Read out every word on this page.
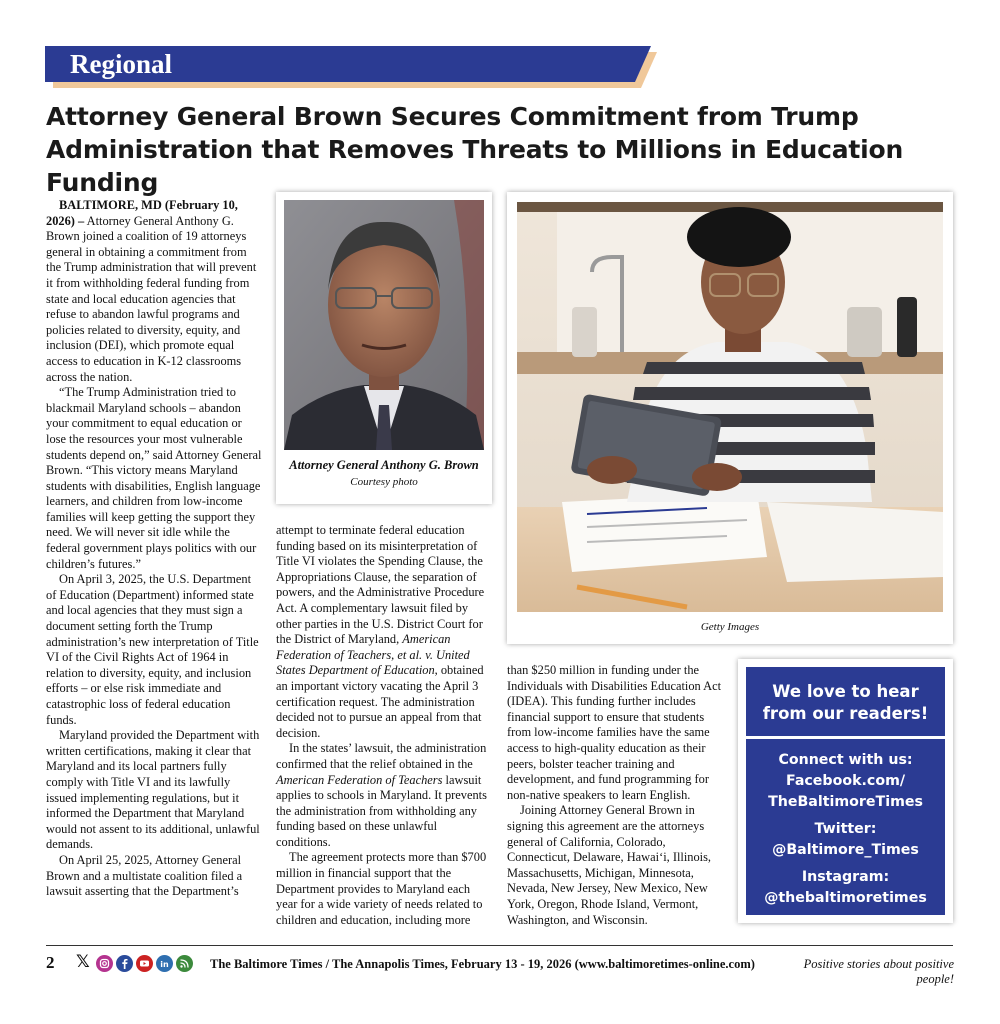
Regional
Attorney General Brown Secures Commitment from Trump Administration that Removes Threats to Millions in Education Funding

BALTIMORE, MD (February 10, 2026) – Attorney General Anthony G. Brown joined a coalition of 19 attorneys general in obtaining a commitment from the Trump administration that will prevent it from withholding federal funding from state and local education agencies that refuse to abandon lawful programs and policies related to diversity, equity, and inclusion (DEI), which promote equal access to education in K-12 classrooms across the nation.

“The Trump Administration tried to blackmail Maryland schools – abandon your commitment to equal education or lose the resources your most vulnerable students depend on,” said Attorney General Brown. “This victory means Maryland students with disabilities, English language learners, and children from low-income families will keep getting the support they need. We will never sit idle while the federal government plays politics with our children’s futures.”

On April 3, 2025, the U.S. Department of Education (Department) informed state and local agencies that they must sign a document setting forth the Trump administration’s new interpretation of Title VI of the Civil Rights Act of 1964 in relation to diversity, equity, and inclusion efforts – or else risk immediate and catastrophic loss of federal education funds.

Maryland provided the Department with written certifications, making it clear that Maryland and its local partners fully comply with Title VI and its lawfully issued implementing regulations, but it informed the Department that Maryland would not assent to its additional, unlawful demands.

On April 25, 2025, Attorney General Brown and a multistate coalition filed a lawsuit asserting that the Department’s

Attorney General Anthony G. Brown
Courtesy photo

attempt to terminate federal education funding based on its misinterpretation of Title VI violates the Spending Clause, the Appropriations Clause, the separation of powers, and the Administrative Procedure Act. A complementary lawsuit filed by other parties in the U.S. District Court for the District of Maryland, American Federation of Teachers, et al. v. United States Department of Education, obtained an important victory vacating the April 3 certification request. The administration decided not to pursue an appeal from that decision.

In the states’ lawsuit, the administration confirmed that the relief obtained in the American Federation of Teachers lawsuit applies to schools in Maryland. It prevents the administration from withholding any funding based on these unlawful conditions.

The agreement protects more than $700 million in financial support that the Department provides to Maryland each year for a wide variety of needs related to children and education, including more

Getty Images

than $250 million in funding under the Individuals with Disabilities Education Act (IDEA). This funding further includes financial support to ensure that students from low-income families have the same access to high-quality education as their peers, bolster teacher training and development, and fund programming for non-native speakers to learn English.

Joining Attorney General Brown in signing this agreement are the attorneys general of California, Colorado, Connecticut, Delaware, Hawai‘i, Illinois, Massachusetts, Michigan, Minnesota, Nevada, New Jersey, New Mexico, New York, Oregon, Rhode Island, Vermont, Washington, and Wisconsin.

We love to hear
from our readers!
Connect with us:
Facebook.com/
TheBaltimoreTimes
Twitter:
@Baltimore_Times
Instagram:
@thebaltimoretimes
2 𝕏	in	The Baltimore Times / The Annapolis Times, February 13 - 19, 2026 (www.baltimoretimes-online.com)	Positive stories about positive people!
